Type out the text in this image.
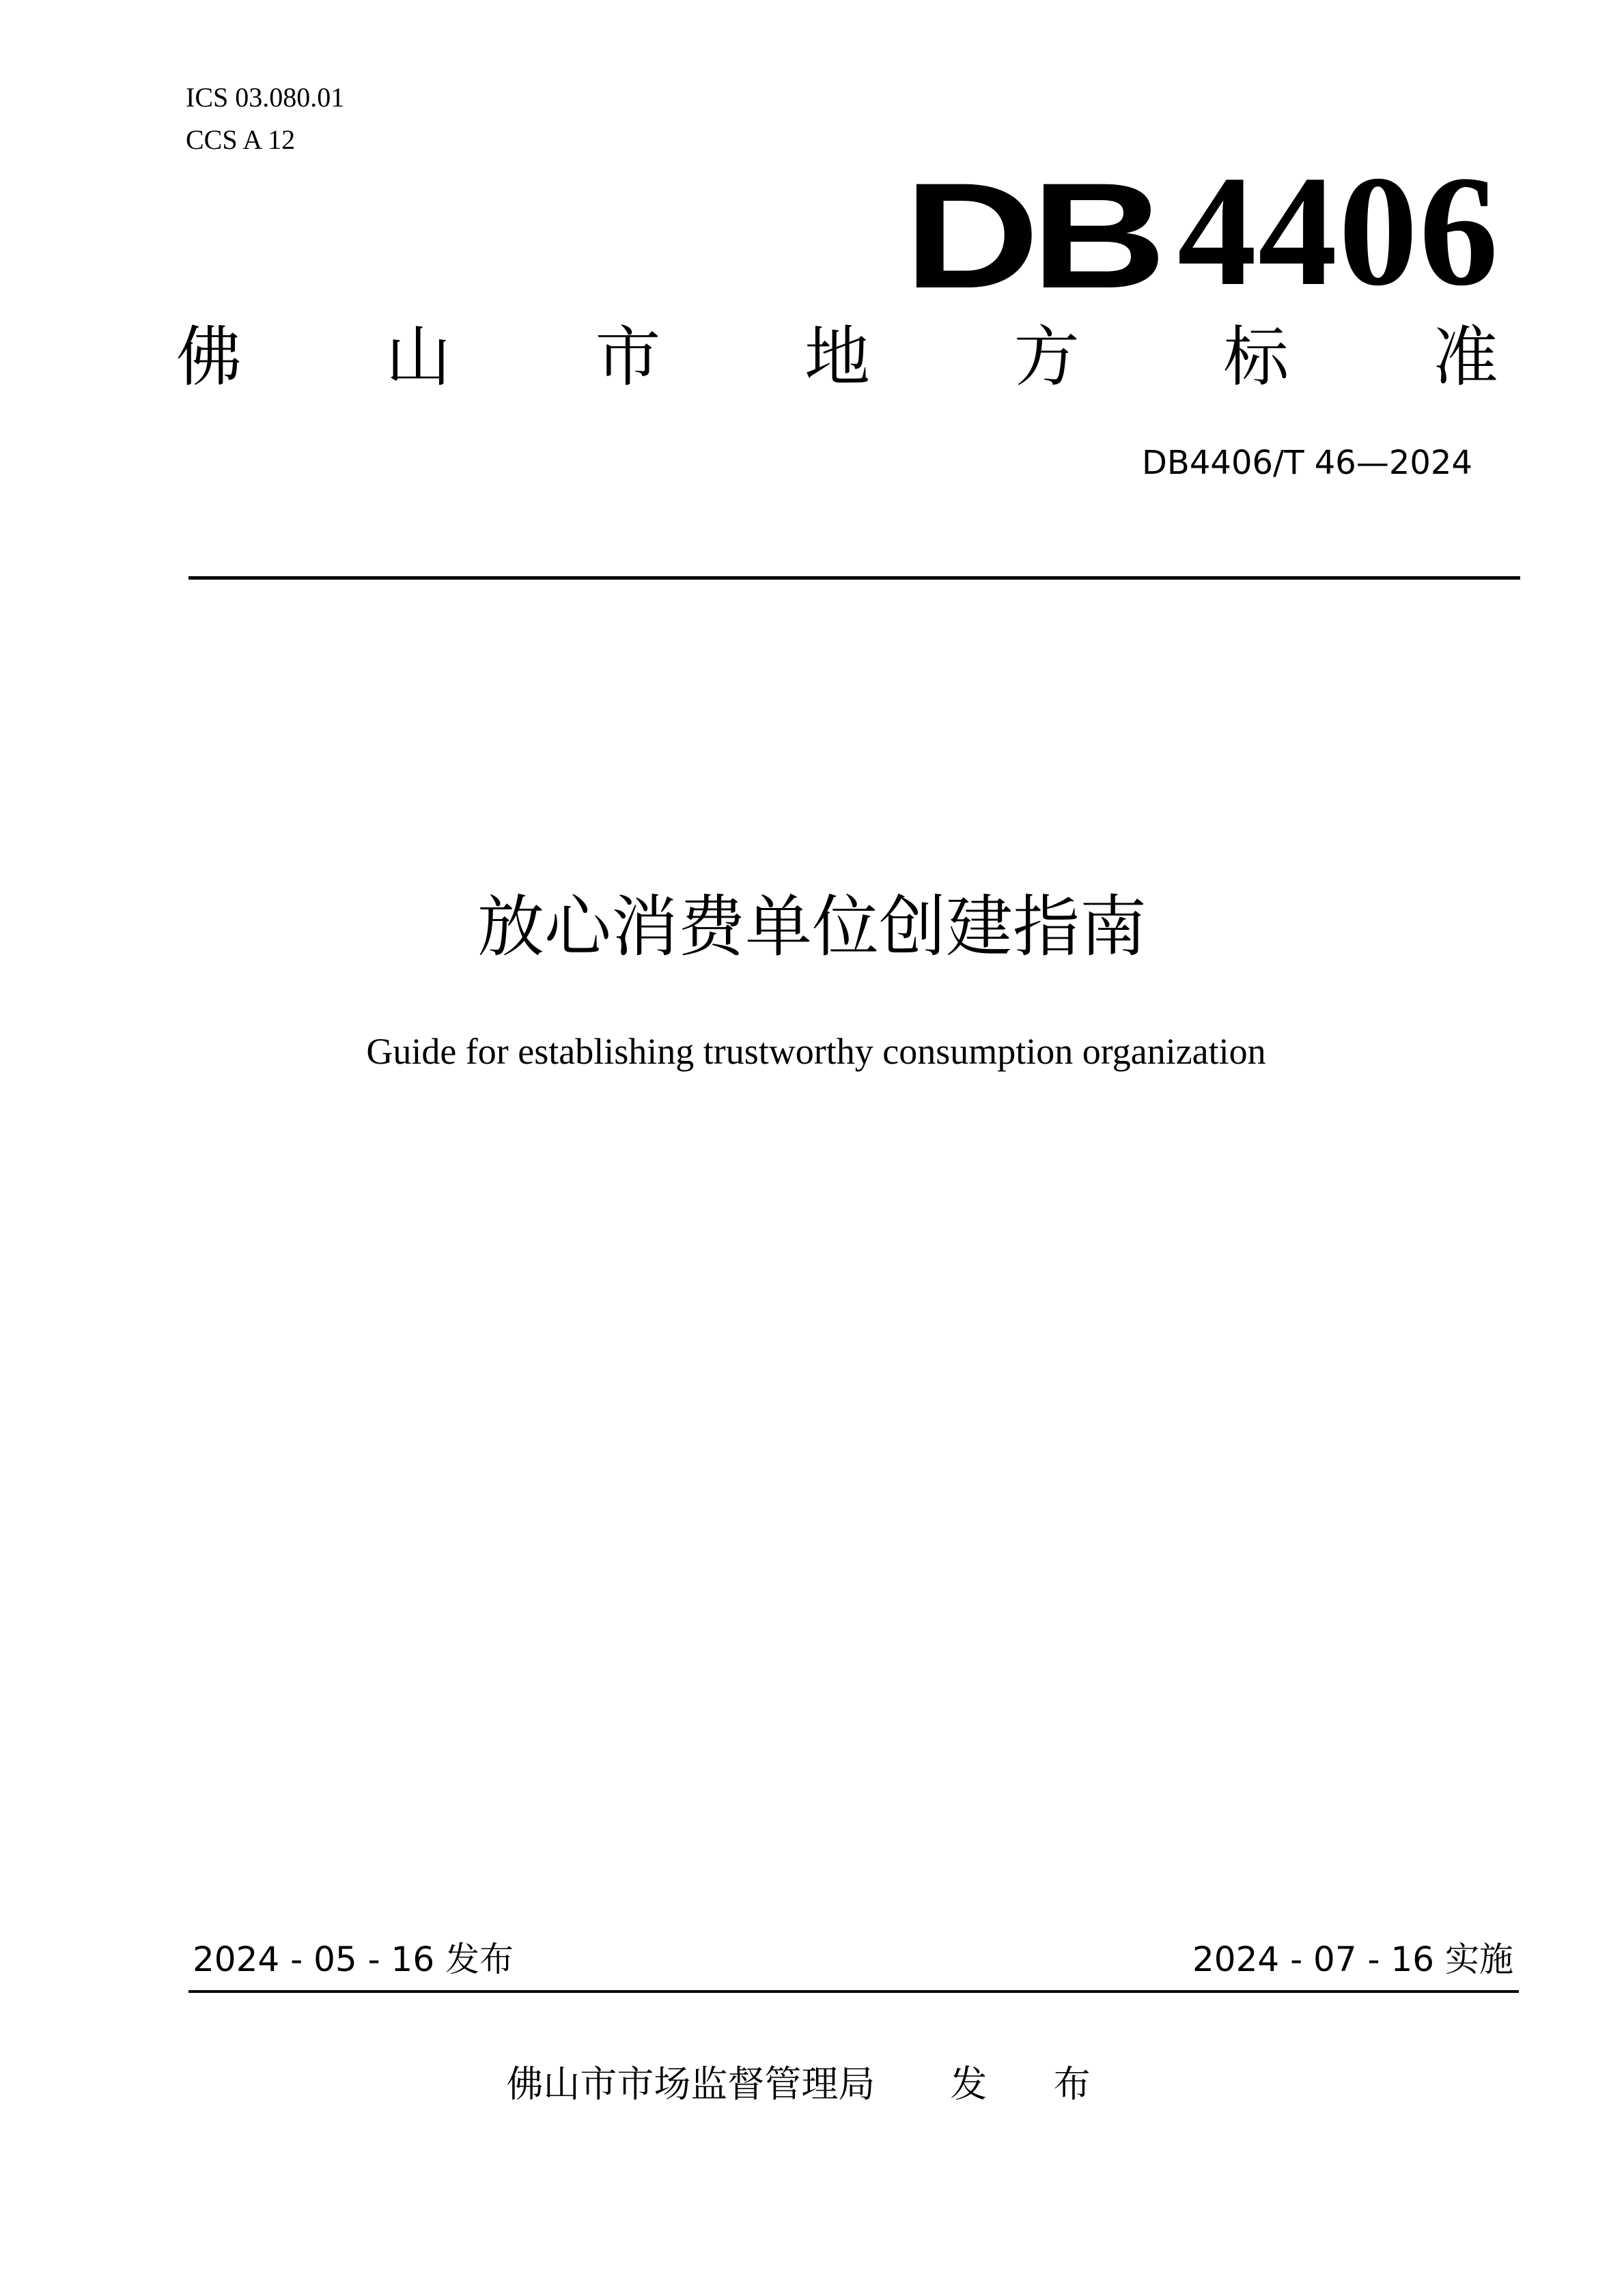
ICS 03.080.01
CCS A 12
DB 4406
佛 山 市 地 方 标 准
DB4406/T 46—2024
放心消费单位创建指南
Guide for establishing trustworthy consumption organization
2024 - 05 - 16 发布	2024 - 07 - 16 实施
佛山市市场监督管理局 发 布
